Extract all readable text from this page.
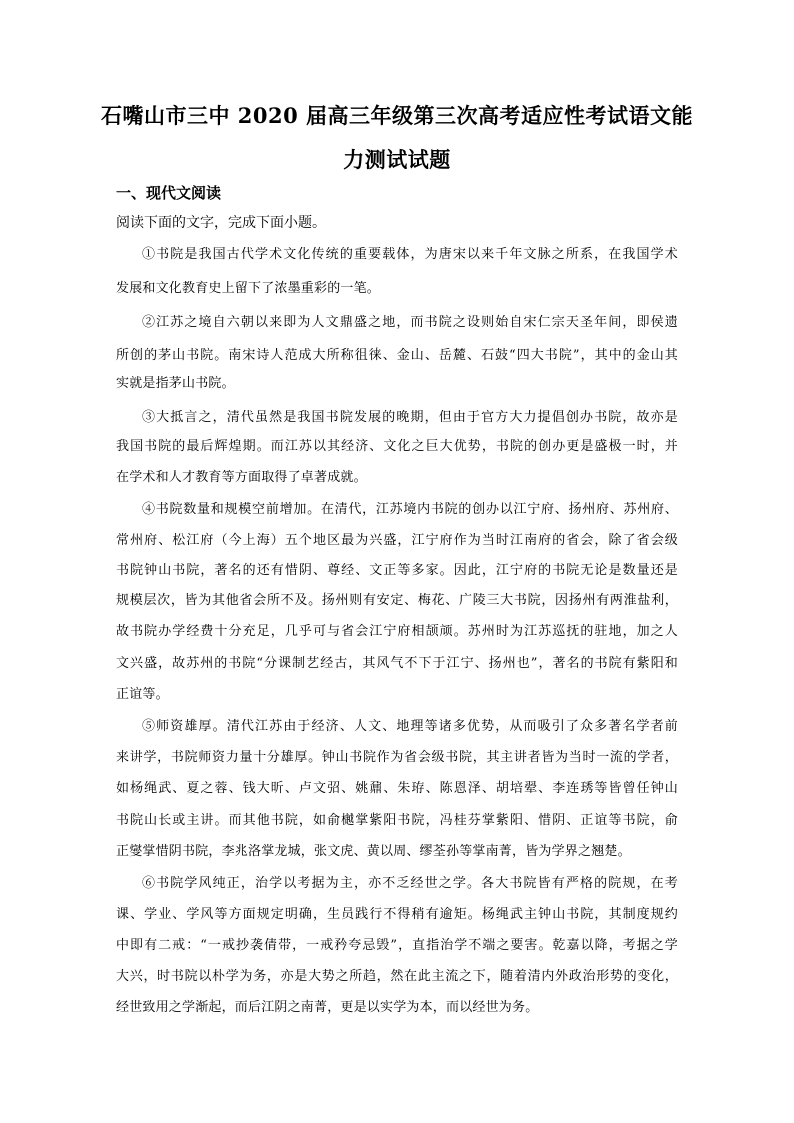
石嘴山市三中 2020 届高三年级第三次高考适应性考试语文能
力测试试题
一、现代文阅读

阅读下面的文字，完成下面小题。

①书院是我国古代学术文化传统的重要载体，为唐宋以来千年文脉之所系，在我国学术

发展和文化教育史上留下了浓墨重彩的一笔。

②江苏之境自六朝以来即为人文鼎盛之地，而书院之设则始自宋仁宗天圣年间，即侯遗

所创的茅山书院。南宋诗人范成大所称徂徕、金山、岳麓、石鼓“四大书院”，其中的金山其

实就是指茅山书院。

③大抵言之，清代虽然是我国书院发展的晚期，但由于官方大力提倡创办书院，故亦是

我国书院的最后辉煌期。而江苏以其经济、文化之巨大优势，书院的创办更是盛极一时，并

在学术和人才教育等方面取得了卓著成就。

④书院数量和规模空前增加。在清代，江苏境内书院的创办以江宁府、扬州府、苏州府、

常州府、松江府（今上海）五个地区最为兴盛，江宁府作为当时江南府的省会，除了省会级

书院钟山书院，著名的还有惜阴、尊经、文正等多家。因此，江宁府的书院无论是数量还是

规模层次，皆为其他省会所不及。扬州则有安定、梅花、广陵三大书院，因扬州有两淮盐利，

故书院办学经费十分充足，几乎可与省会江宁府相颉颃。苏州时为江苏巡抚的驻地，加之人

文兴盛，故苏州的书院“分课制艺经古，其风气不下于江宁、扬州也”，著名的书院有紫阳和

正谊等。

⑤师资雄厚。清代江苏由于经济、人文、地理等诸多优势，从而吸引了众多著名学者前

来讲学，书院师资力量十分雄厚。钟山书院作为省会级书院，其主讲者皆为当时一流的学者，

如杨绳武、夏之蓉、钱大昕、卢文弨、姚鼐、朱珔、陈恩泽、胡培翚、李连琇等皆曾任钟山

书院山长或主讲。而其他书院，如俞樾掌紫阳书院，冯桂芬掌紫阳、惜阴、正谊等书院，俞

正燮掌惜阴书院，李兆洛掌龙城，张文虎、黄以周、缪荃孙等掌南菁，皆为学界之翘楚。

⑥书院学风纯正，治学以考据为主，亦不乏经世之学。各大书院皆有严格的院规，在考

课、学业、学风等方面规定明确，生员践行不得稍有逾矩。杨绳武主钟山书院，其制度规约

中即有二戒：“一戒抄袭倩带，一戒矜夸忌毁”，直指治学不端之要害。乾嘉以降，考据之学

大兴，时书院以朴学为务，亦是大势之所趋，然在此主流之下，随着清内外政治形势的变化，

经世致用之学渐起，而后江阴之南菁，更是以实学为本，而以经世为务。
